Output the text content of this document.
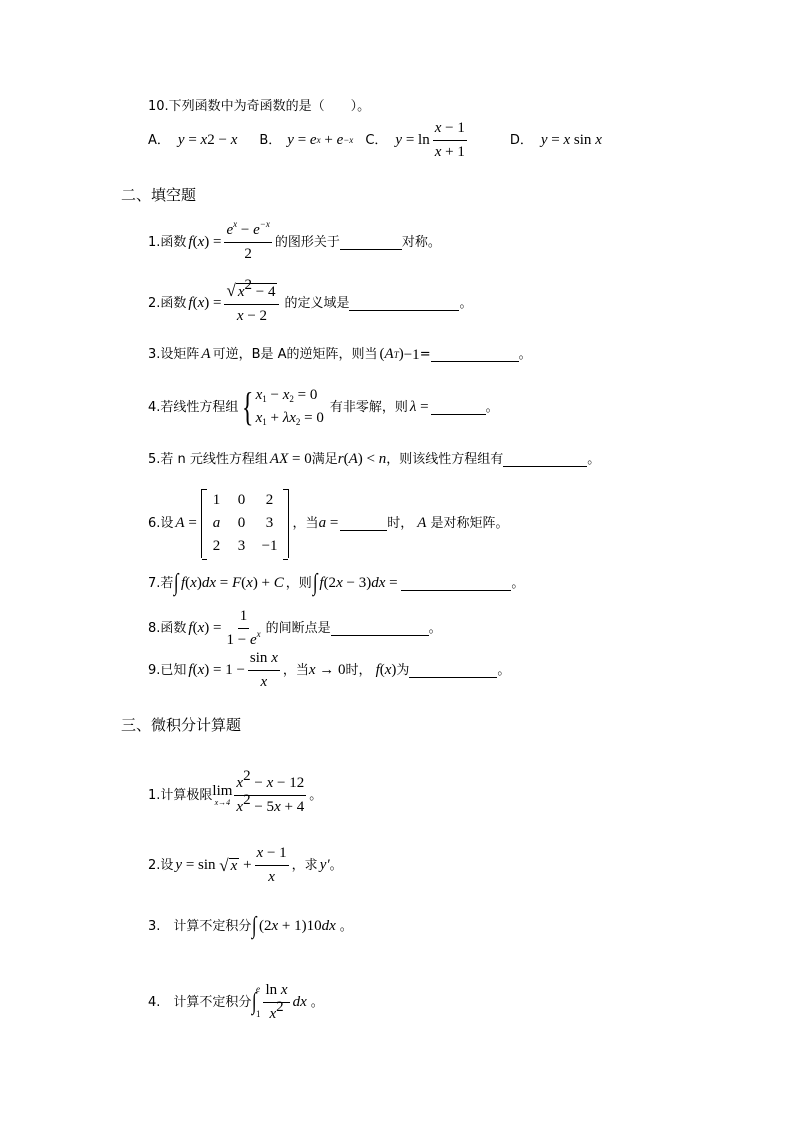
10.下列函数中为奇函数的是（　　）。
A． y = x 2 − x B． y = e x + e −x C． $y = \ln \frac{x - 1}{x + 1}$	D． y = x sin x
二、填空题
1.函数 f ( x ) = $\frac{e^x - e^{-x}}{2}$ 的图形关于	对称。
2.函数 f ( x ) = $\frac{√ x^2 - 4}{x - 2}$ 的定义域是	。
3.设矩阵 A 可逆，B是 A的逆矩阵，则当 ( A T ) −1 =	。
4.若线性方程组 { $x_1 - x_2 = 0$
$x_1 + \lambda x_2 = 0$
有非零解，则 λ =	。
5.若 n 元线性方程组 AX = 0 满足 r ( A ) < n ，则该线性方程组有	。
6.设 A =
1	0	2
a	0	3
2	3	−1
，当 a =	时， A 是对称矩阵。
7.若 ∫ f ( x ) dx = F ( x ) + C ，则 ∫ f (2 x − 3) dx =	。
8.函数 f ( x ) = $\frac{1}{1 - e^x}$ 的间断点是	。
9.已知 f ( x ) = $1 - \frac{\text{sin x}}{x}$ ，当 x → 0 时， f ( x ) 为	。
三、微积分计算题
1.计算极限 lim
$x\to 4 \frac{x^2 - x - 12}{x^2 - 5x + 4}$ 。
2.设 y = sin √ $x + \frac{x - 1}{x}$ ，求 y′ 。
3.　计算不定积分 ∫ (2 x + 1) 10 dx 。
4.　计算不定积分 ∫
e
$1 \frac{\text{ln x}}{x^2}$ dx 。
